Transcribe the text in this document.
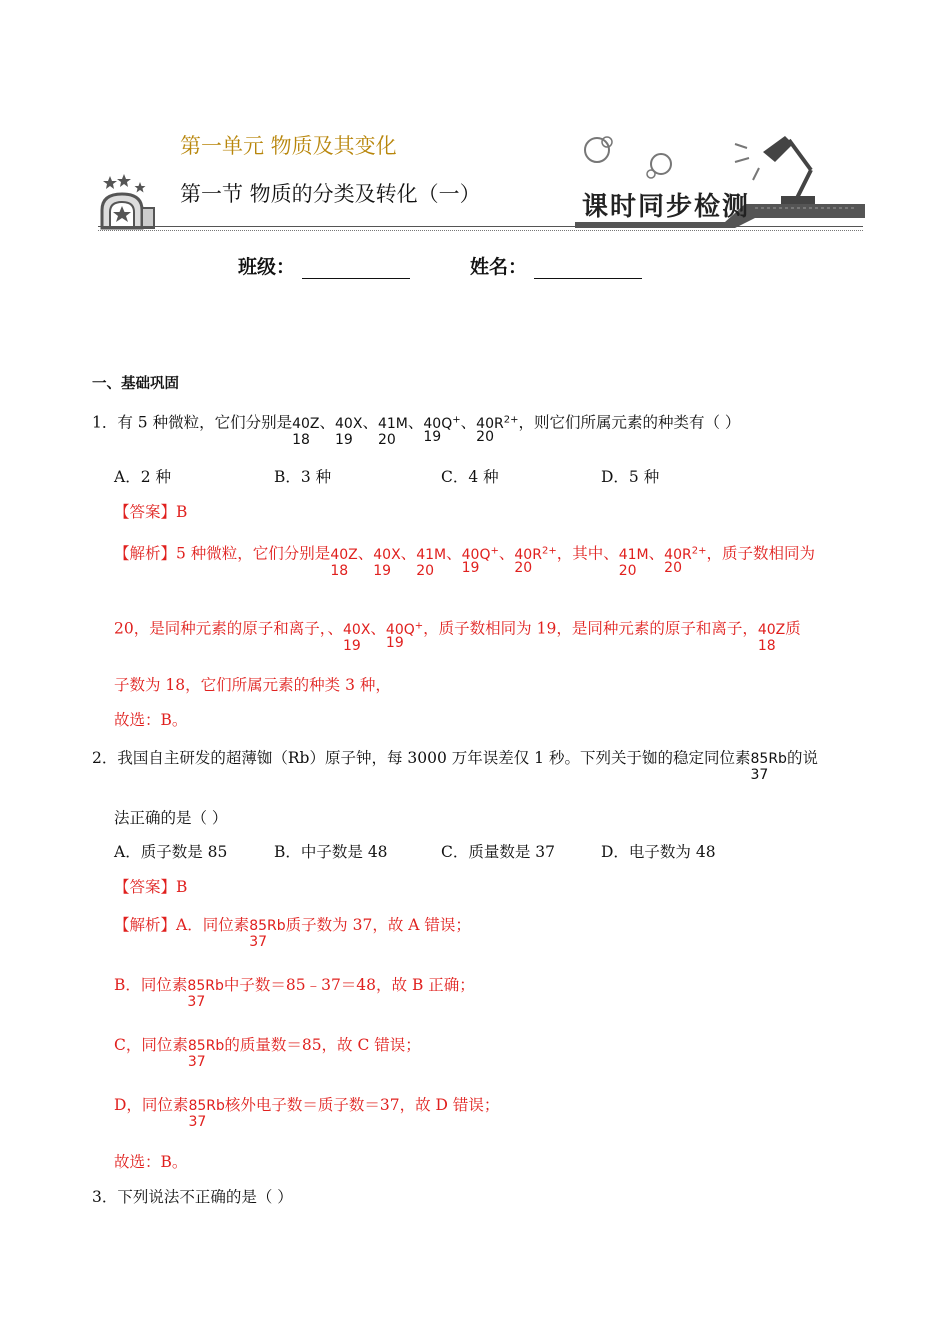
第一单元 物质及其变化
第一节 物质的分类及转化（一）	课时同步检测
班级：	姓名：
一、基础巩固
1．有 5 种微粒，它们分别是40Z
18
、40X
19
、41M
20
、40Q+
19
、$40R^{2+}$
20
，则它们所属元素的种类有（ ）
A．2 种	B．3 种	C．4 种	D．5 种
【答案】B
【解析】5 种微粒，它们分别是40Z
18
、40X
19
、41M
20
、40Q+
19
、$40R^{2+}$
20
，其中、41M
20
、$40R^{2+}$
20
，质子数相同为
20，是同种元素的原子和离子，、40X
19
、40Q+
19
，质子数相同为 19，是同种元素的原子和离子，40Z
18
质
子数为 18，它们所属元素的种类 3 种，
故选：B。
2．我国自主研发的超薄铷（Rb）原子钟，每 3000 万年误差仅 1 秒。下列关于铷的稳定同位素85Rb
37
的说
法正确的是（ ）
A．质子数是 85	B．中子数是 48	C．质量数是 37	D．电子数为 48
【答案】B
【解析】A．同位素85Rb
37
质子数为 37，故 A 错误；
B．同位素85Rb
37
中子数＝85﹣37＝48，故 B 正确；
C，同位素85Rb
37
的质量数＝85，故 C 错误；
D，同位素85Rb
37
核外电子数＝质子数＝37，故 D 错误；
故选：B。
3．下列说法不正确的是（ ）
